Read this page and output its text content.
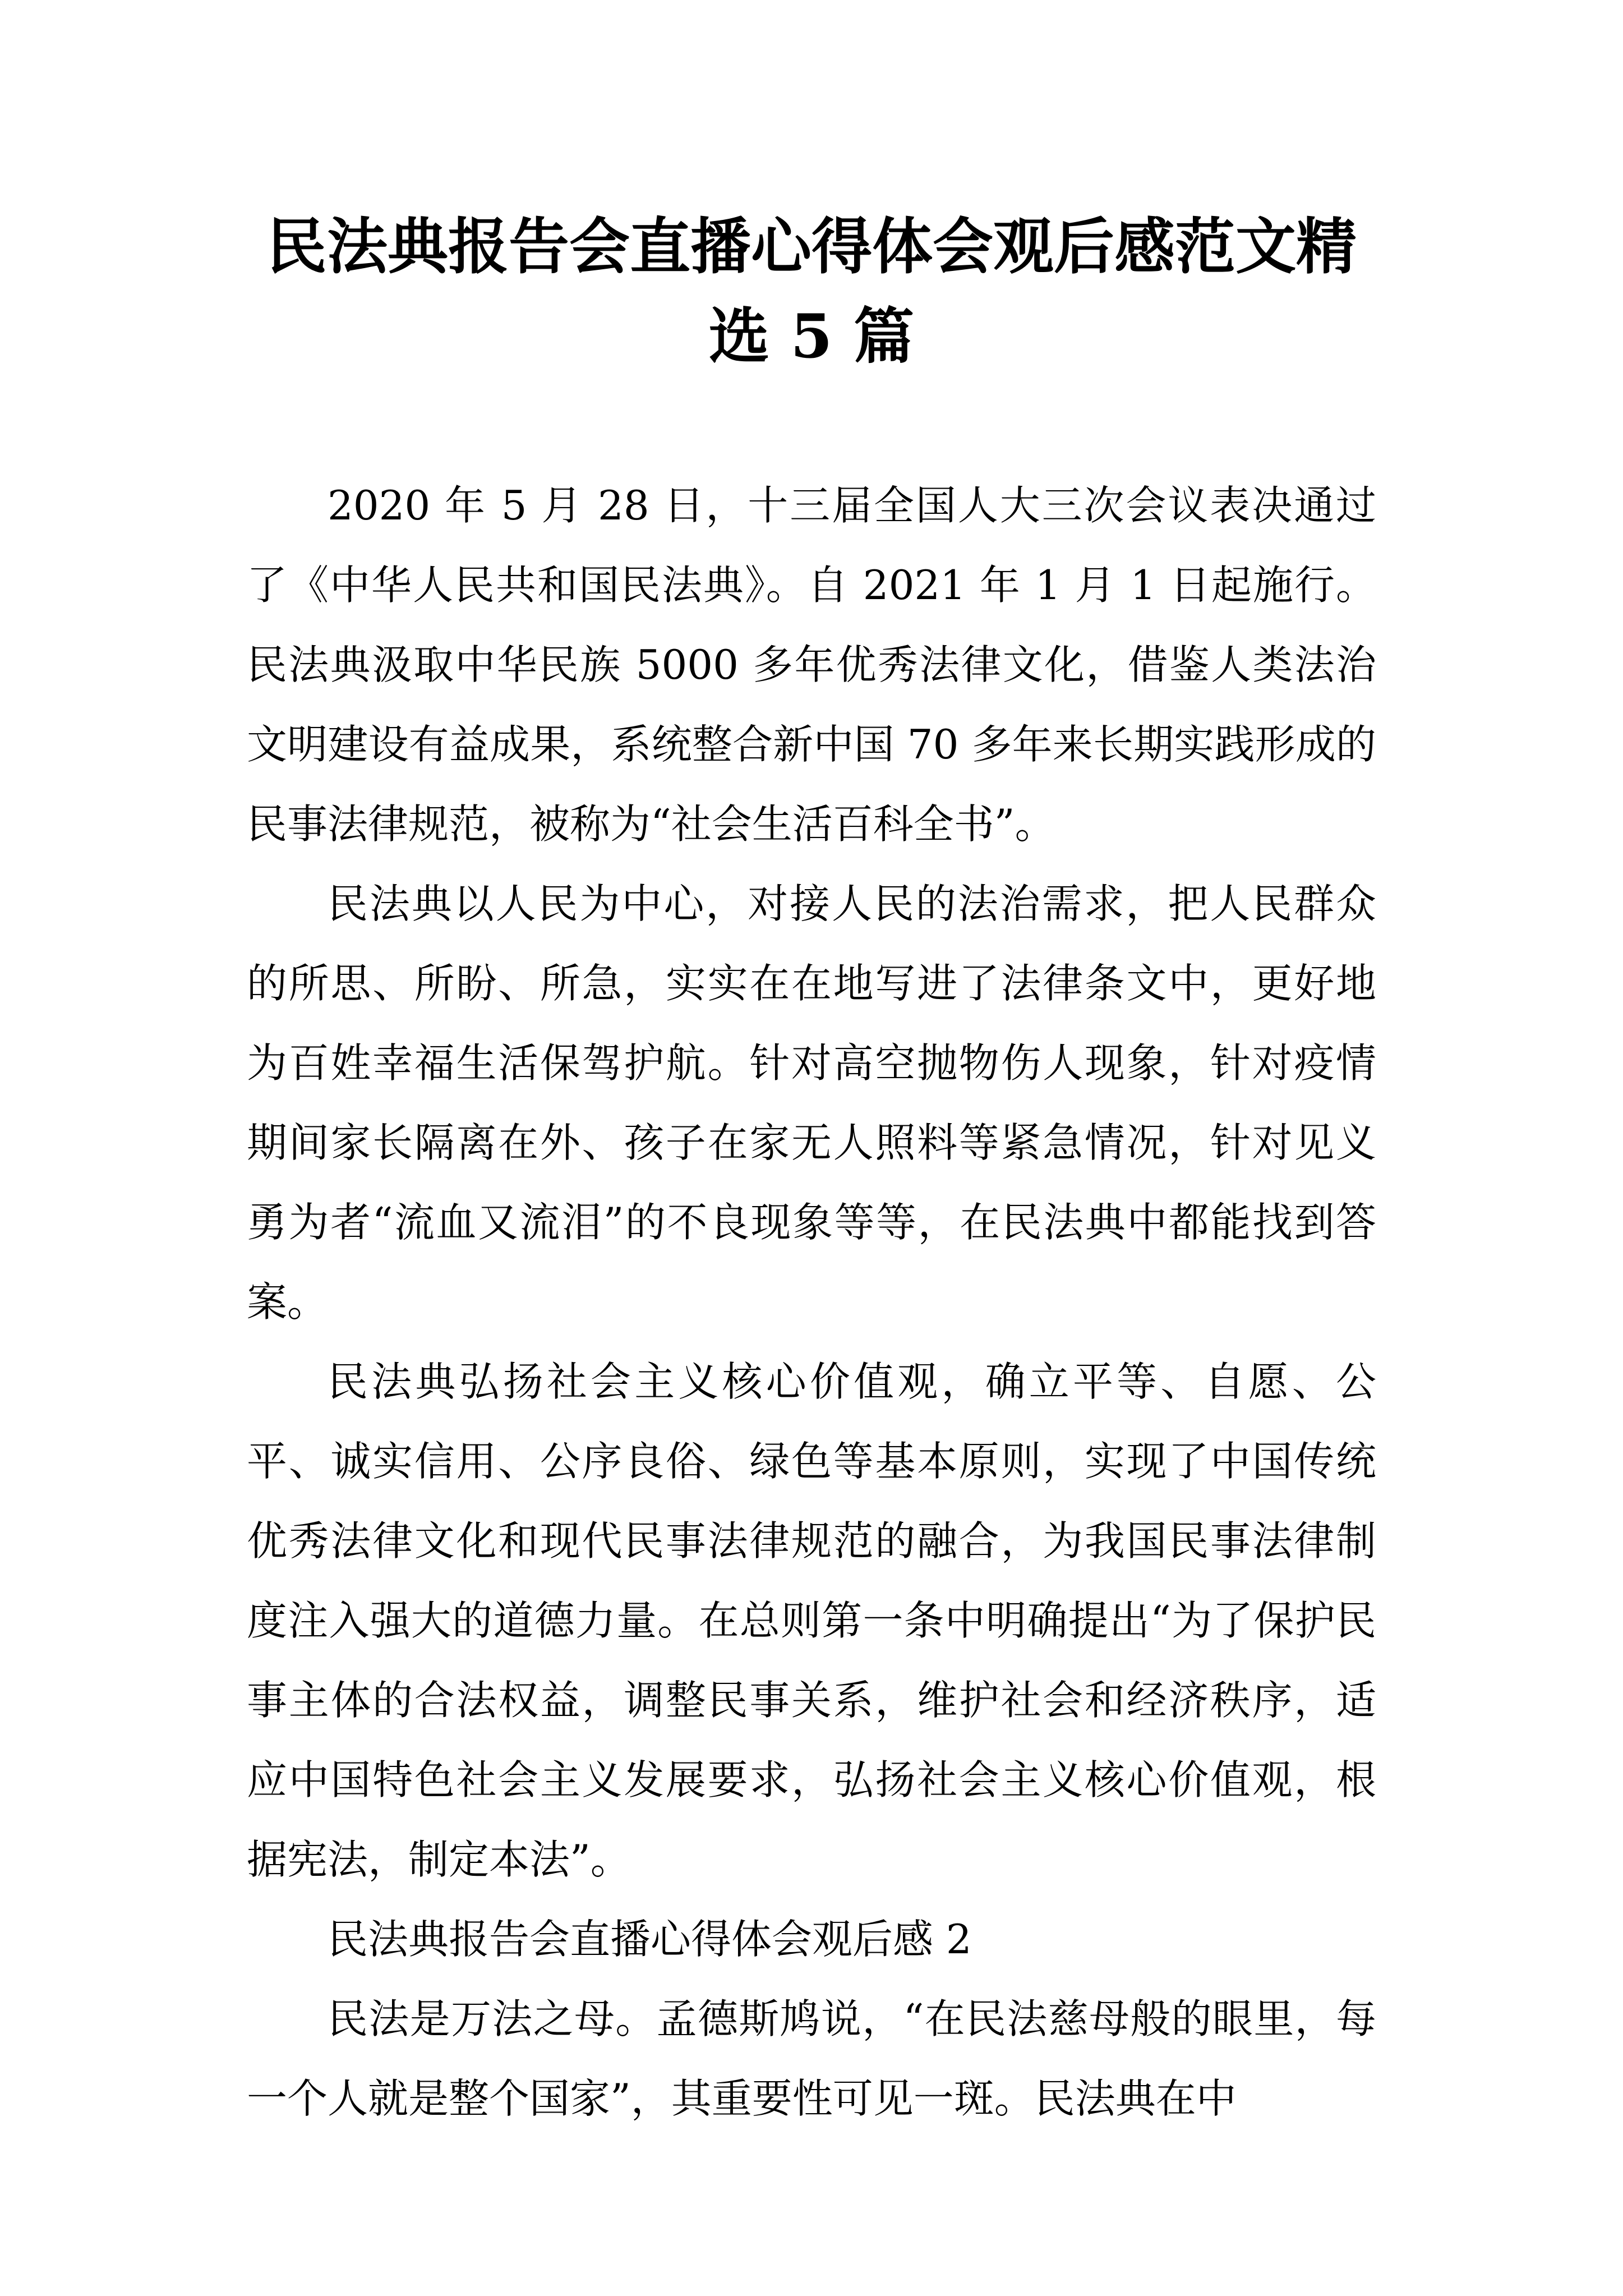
民法典报告会直播心得体会观后感范文精
选 5 篇

2020 年 5 月 28 日，十三届全国人大三次会议表决通过了《中华人民共和国民法典》。自 2021 年 1 月 1 日起施行。民法典汲取中华民族 5000 多年优秀法律文化，借鉴人类法治文明建设有益成果，系统整合新中国 70 多年来长期实践形成的民事法律规范，被称为“社会生活百科全书”。

民法典以人民为中心，对接人民的法治需求，把人民群众的所思、所盼、所急，实实在在地写进了法律条文中，更好地为百姓幸福生活保驾护航。针对高空抛物伤人现象，针对疫情期间家长隔离在外、孩子在家无人照料等紧急情况，针对见义勇为者“流血又流泪”的不良现象等等，在民法典中都能找到答案。

民法典弘扬社会主义核心价值观，确立平等、自愿、公平、诚实信用、公序良俗、绿色等基本原则，实现了中国传统优秀法律文化和现代民事法律规范的融合，为我国民事法律制度注入强大的道德力量。在总则第一条中明确提出“为了保护民事主体的合法权益，调整民事关系，维护社会和经济秩序，适应中国特色社会主义发展要求，弘扬社会主义核心价值观，根据宪法，制定本法”。

民法典报告会直播心得体会观后感 2

民法是万法之母。孟德斯鸠说，“在民法慈母般的眼里，每一个人就是整个国家”，其重要性可见一斑。民法典在中
